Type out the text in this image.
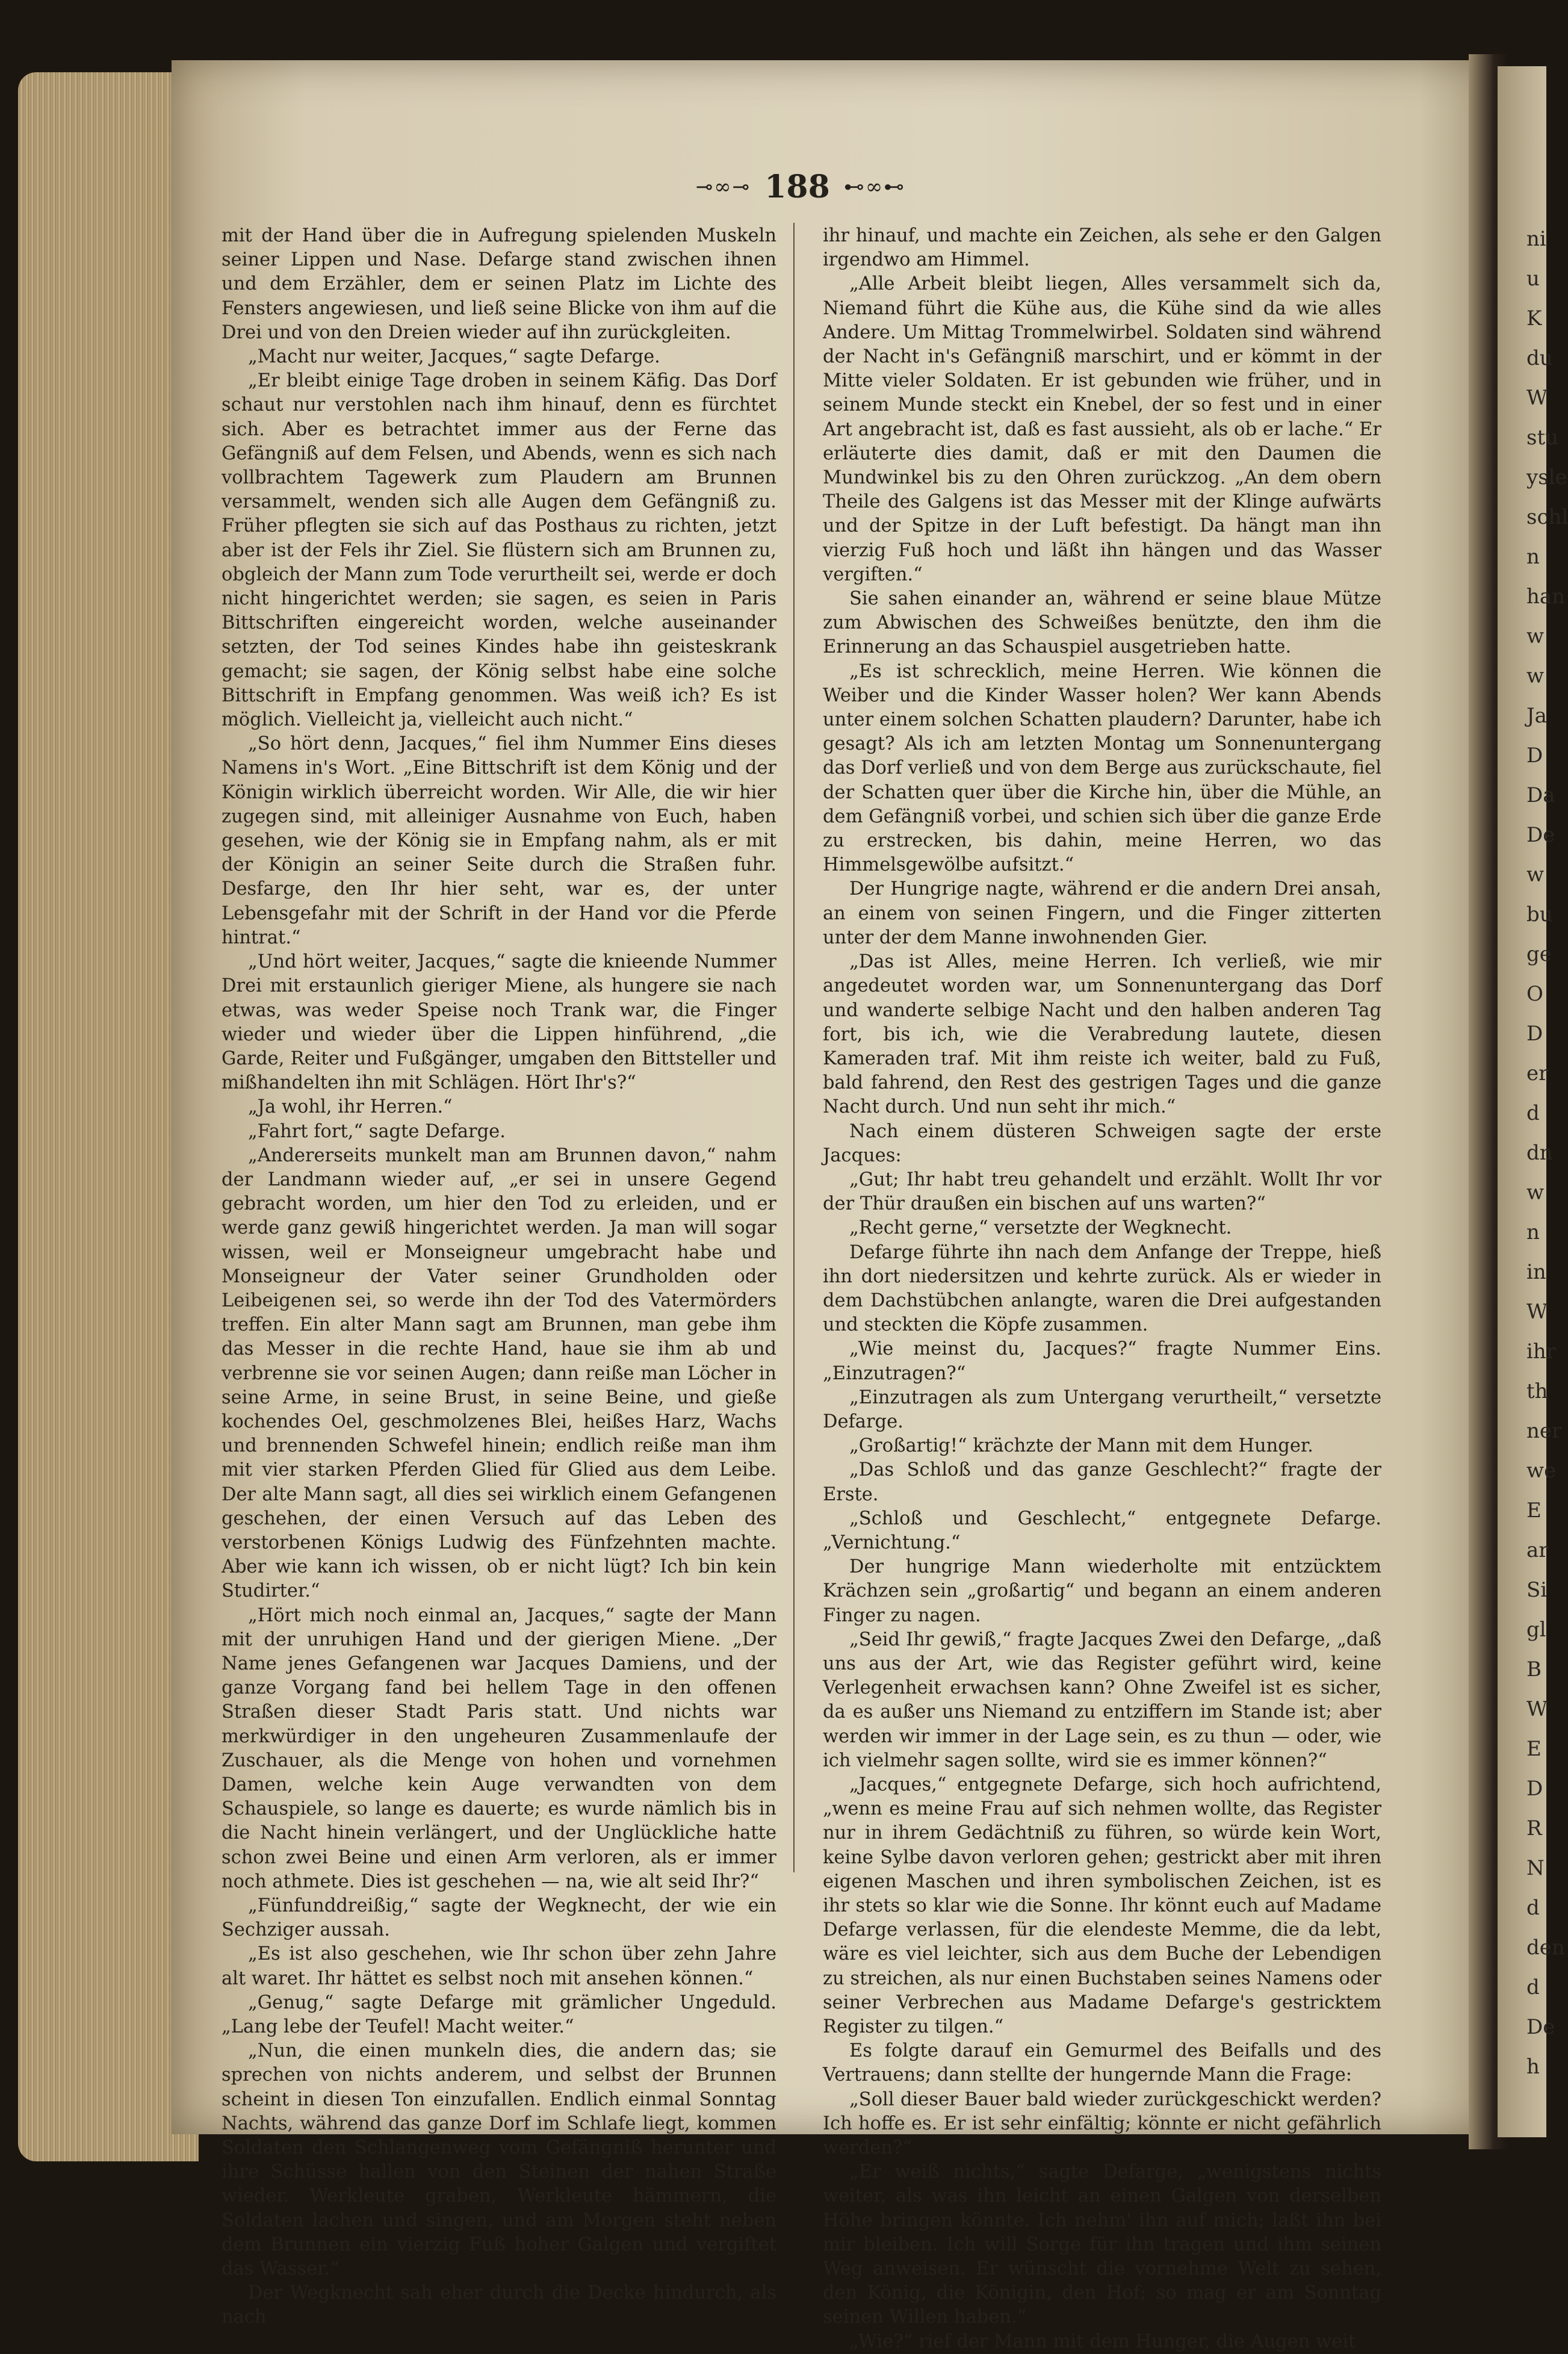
ni
u
K
du
W
stu
ysle
schl
n
han
w
w
Ja
D
Da
De
w
bu
ge
O
D
er
d
dn
w
n
in
W
ihr
th
ner
we
E
ar
Si
gl
B
W
E
D
R
N
d
den
d
De
h
⊸∞⊸ 188 ⊷∞⊷

mit der Hand über die in Aufregung spielenden Muskeln seiner Lippen und Nase. Defarge stand zwischen ihnen und dem Erzähler, dem er seinen Platz im Lichte des Fensters angewiesen, und ließ seine Blicke von ihm auf die Drei und von den Dreien wieder auf ihn zurückgleiten.

„Macht nur weiter, Jacques,“ sagte Defarge.

„Er bleibt einige Tage droben in seinem Käfig. Das Dorf schaut nur verstohlen nach ihm hinauf, denn es fürchtet sich. Aber es betrachtet immer aus der Ferne das Gefängniß auf dem Felsen, und Abends, wenn es sich nach vollbrachtem Tagewerk zum Plaudern am Brunnen versammelt, wenden sich alle Augen dem Gefängniß zu. Früher pflegten sie sich auf das Posthaus zu richten, jetzt aber ist der Fels ihr Ziel. Sie flüstern sich am Brunnen zu, obgleich der Mann zum Tode verurtheilt sei, werde er doch nicht hingerichtet werden; sie sagen, es seien in Paris Bittschriften eingereicht worden, welche auseinander setzten, der Tod seines Kindes habe ihn geisteskrank gemacht; sie sagen, der König selbst habe eine solche Bittschrift in Empfang genommen. Was weiß ich? Es ist möglich. Vielleicht ja, vielleicht auch nicht.“

„So hört denn, Jacques,“ fiel ihm Nummer Eins dieses Namens in's Wort. „Eine Bittschrift ist dem König und der Königin wirklich überreicht worden. Wir Alle, die wir hier zugegen sind, mit alleiniger Ausnahme von Euch, haben gesehen, wie der König sie in Empfang nahm, als er mit der Königin an seiner Seite durch die Straßen fuhr. Desfarge, den Ihr hier seht, war es, der unter Lebensgefahr mit der Schrift in der Hand vor die Pferde hintrat.“

„Und hört weiter, Jacques,“ sagte die knieende Nummer Drei mit erstaunlich gieriger Miene, als hungere sie nach etwas, was weder Speise noch Trank war, die Finger wieder und wieder über die Lippen hinführend, „die Garde, Reiter und Fußgänger, umgaben den Bittsteller und mißhandelten ihn mit Schlägen. Hört Ihr's?“

„Ja wohl, ihr Herren.“

„Fahrt fort,“ sagte Defarge.

„Andererseits munkelt man am Brunnen davon,“ nahm der Landmann wieder auf, „er sei in unsere Gegend gebracht worden, um hier den Tod zu erleiden, und er werde ganz gewiß hingerichtet werden. Ja man will sogar wissen, weil er Monseigneur umgebracht habe und Monseigneur der Vater seiner Grundholden oder Leibeigenen sei, so werde ihn der Tod des Vatermörders treffen. Ein alter Mann sagt am Brunnen, man gebe ihm das Messer in die rechte Hand, haue sie ihm ab und verbrenne sie vor seinen Augen; dann reiße man Löcher in seine Arme, in seine Brust, in seine Beine, und gieße kochendes Oel, geschmolzenes Blei, heißes Harz, Wachs und brennenden Schwefel hinein; endlich reiße man ihm mit vier starken Pferden Glied für Glied aus dem Leibe. Der alte Mann sagt, all dies sei wirklich einem Gefangenen geschehen, der einen Versuch auf das Leben des verstorbenen Königs Ludwig des Fünfzehnten machte. Aber wie kann ich wissen, ob er nicht lügt? Ich bin kein Studirter.“

„Hört mich noch einmal an, Jacques,“ sagte der Mann mit der unruhigen Hand und der gierigen Miene. „Der Name jenes Gefangenen war Jacques Damiens, und der ganze Vorgang fand bei hellem Tage in den offenen Straßen dieser Stadt Paris statt. Und nichts war merkwürdiger in den ungeheuren Zusammenlaufe der Zuschauer, als die Menge von hohen und vornehmen Damen, welche kein Auge verwandten von dem Schauspiele, so lange es dauerte; es wurde nämlich bis in die Nacht hinein verlängert, und der Unglückliche hatte schon zwei Beine und einen Arm verloren, als er immer noch athmete. Dies ist geschehen — na, wie alt seid Ihr?“

„Fünfunddreißig,“ sagte der Wegknecht, der wie ein Sechziger aussah.

„Es ist also geschehen, wie Ihr schon über zehn Jahre alt waret. Ihr hättet es selbst noch mit ansehen können.“

„Genug,“ sagte Defarge mit grämlicher Ungeduld. „Lang lebe der Teufel! Macht weiter.“

„Nun, die einen munkeln dies, die andern das; sie sprechen von nichts anderem, und selbst der Brunnen scheint in diesen Ton einzufallen. Endlich einmal Sonntag Nachts, während das ganze Dorf im Schlafe liegt, kommen Soldaten den Schlangenweg vom Gefängniß herunter und ihre Schüsse hallen von den Steinen der nahen Straße wieder. Werkleute graben, Werkleute hämmern, die Soldaten lachen und singen, und am Morgen steht neben dem Brunnen ein vierzig Fuß hoher Galgen und vergiftet das Wasser.“

Der Wegknecht sah eher durch die Decke hindurch, als nach

ihr hinauf, und machte ein Zeichen, als sehe er den Galgen irgendwo am Himmel.

„Alle Arbeit bleibt liegen, Alles versammelt sich da, Niemand führt die Kühe aus, die Kühe sind da wie alles Andere. Um Mittag Trommelwirbel. Soldaten sind während der Nacht in's Gefängniß marschirt, und er kömmt in der Mitte vieler Soldaten. Er ist gebunden wie früher, und in seinem Munde steckt ein Knebel, der so fest und in einer Art angebracht ist, daß es fast aussieht, als ob er lache.“ Er erläuterte dies damit, daß er mit den Daumen die Mundwinkel bis zu den Ohren zurückzog. „An dem obern Theile des Galgens ist das Messer mit der Klinge aufwärts und der Spitze in der Luft befestigt. Da hängt man ihn vierzig Fuß hoch und läßt ihn hängen und das Wasser vergiften.“

Sie sahen einander an, während er seine blaue Mütze zum Abwischen des Schweißes benützte, den ihm die Erinnerung an das Schauspiel ausgetrieben hatte.

„Es ist schrecklich, meine Herren. Wie können die Weiber und die Kinder Wasser holen? Wer kann Abends unter einem solchen Schatten plaudern? Darunter, habe ich gesagt? Als ich am letzten Montag um Sonnenuntergang das Dorf verließ und von dem Berge aus zurückschaute, fiel der Schatten quer über die Kirche hin, über die Mühle, an dem Gefängniß vorbei, und schien sich über die ganze Erde zu erstrecken, bis dahin, meine Herren, wo das Himmelsgewölbe aufsitzt.“

Der Hungrige nagte, während er die andern Drei ansah, an einem von seinen Fingern, und die Finger zitterten unter der dem Manne inwohnenden Gier.

„Das ist Alles, meine Herren. Ich verließ, wie mir angedeutet worden war, um Sonnenuntergang das Dorf und wanderte selbige Nacht und den halben anderen Tag fort, bis ich, wie die Verabredung lautete, diesen Kameraden traf. Mit ihm reiste ich weiter, bald zu Fuß, bald fahrend, den Rest des gestrigen Tages und die ganze Nacht durch. Und nun seht ihr mich.“

Nach einem düsteren Schweigen sagte der erste Jacques:

„Gut; Ihr habt treu gehandelt und erzählt. Wollt Ihr vor der Thür draußen ein bischen auf uns warten?“

„Recht gerne,“ versetzte der Wegknecht.

Defarge führte ihn nach dem Anfange der Treppe, hieß ihn dort niedersitzen und kehrte zurück. Als er wieder in dem Dachstübchen anlangte, waren die Drei aufgestanden und steckten die Köpfe zusammen.

„Wie meinst du, Jacques?“ fragte Nummer Eins. „Einzutragen?“

„Einzutragen als zum Untergang verurtheilt,“ versetzte Defarge.

„Großartig!“ krächzte der Mann mit dem Hunger.

„Das Schloß und das ganze Geschlecht?“ fragte der Erste.

„Schloß und Geschlecht,“ entgegnete Defarge. „Vernichtung.“

Der hungrige Mann wiederholte mit entzücktem Krächzen sein „großartig“ und begann an einem anderen Finger zu nagen.

„Seid Ihr gewiß,“ fragte Jacques Zwei den Defarge, „daß uns aus der Art, wie das Register geführt wird, keine Verlegenheit erwachsen kann? Ohne Zweifel ist es sicher, da es außer uns Niemand zu entziffern im Stande ist; aber werden wir immer in der Lage sein, es zu thun — oder, wie ich vielmehr sagen sollte, wird sie es immer können?“

„Jacques,“ entgegnete Defarge, sich hoch aufrichtend, „wenn es meine Frau auf sich nehmen wollte, das Register nur in ihrem Gedächtniß zu führen, so würde kein Wort, keine Sylbe davon verloren gehen; gestrickt aber mit ihren eigenen Maschen und ihren symbolischen Zeichen, ist es ihr stets so klar wie die Sonne. Ihr könnt euch auf Madame Defarge verlassen, für die elendeste Memme, die da lebt, wäre es viel leichter, sich aus dem Buche der Lebendigen zu streichen, als nur einen Buchstaben seines Namens oder seiner Verbrechen aus Madame Defarge's gestricktem Register zu tilgen.“

Es folgte darauf ein Gemurmel des Beifalls und des Vertrauens; dann stellte der hungernde Mann die Frage:

„Soll dieser Bauer bald wieder zurückgeschickt werden? Ich hoffe es. Er ist sehr einfältig; könnte er nicht gefährlich werden?“

„Er weiß nichts,“ sagte Defarge, „wenigstens nichts weiter, als was ihn leicht an einen Galgen von derselben Höhe bringen könnte. Ich nehm' ihn auf mich; laßt ihn bei mir bleiben. Ich will Sorge für ihn tragen und ihm seinen Weg anweisen. Er wünscht die vornehme Welt zu sehen, den König, die Königin, den Hof; so mag er am Sonntag seinen Willen haben.“

„Wie?“ rief der Mann mit dem Hunger, die Augen weit
